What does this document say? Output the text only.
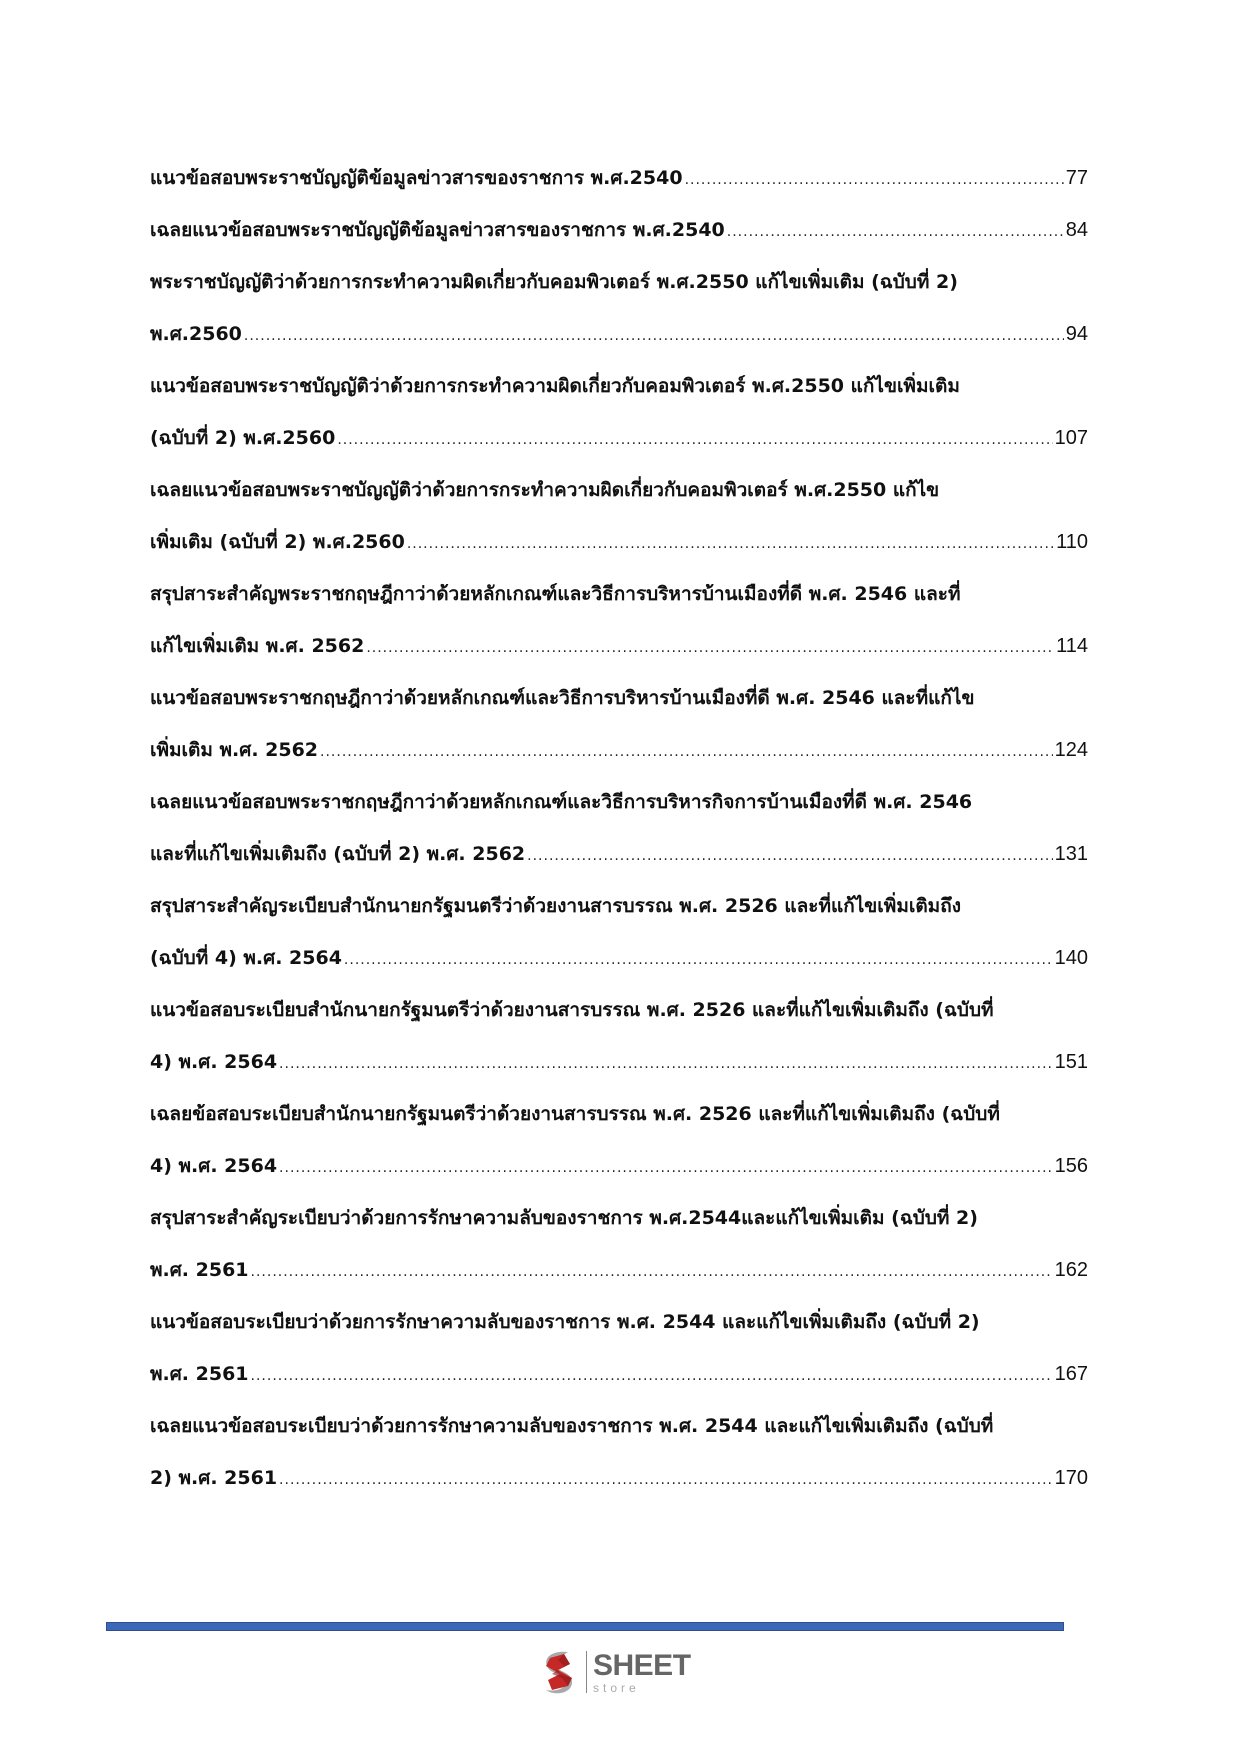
แนวข้อสอบพระราชบัญญัติข้อมูลข่าวสารของราชการ พ.ศ.2540 .....	77
เฉลยแนวข้อสอบพระราชบัญญัติข้อมูลข่าวสารของราชการ พ.ศ.2540 .....	84
พระราชบัญญัติว่าด้วยการกระทำความผิดเกี่ยวกับคอมพิวเตอร์ พ.ศ.2550 แก้ไขเพิ่มเติม (ฉบับที่ 2)
พ.ศ.2560 .....	94
แนวข้อสอบพระราชบัญญัติว่าด้วยการกระทำความผิดเกี่ยวกับคอมพิวเตอร์ พ.ศ.2550 แก้ไขเพิ่มเติม
(ฉบับที่ 2) พ.ศ.2560 .....	107
เฉลยแนวข้อสอบพระราชบัญญัติว่าด้วยการกระทำความผิดเกี่ยวกับคอมพิวเตอร์ พ.ศ.2550 แก้ไข
เพิ่มเติม (ฉบับที่ 2) พ.ศ.2560 .....	110
สรุปสาระสำคัญพระราชกฤษฎีกาว่าด้วยหลักเกณฑ์และวิธีการบริหารบ้านเมืองที่ดี พ.ศ. 2546 และที่
แก้ไขเพิ่มเติม พ.ศ. 2562 .....	114
แนวข้อสอบพระราชกฤษฎีกาว่าด้วยหลักเกณฑ์และวิธีการบริหารบ้านเมืองที่ดี พ.ศ. 2546 และที่แก้ไข
เพิ่มเติม พ.ศ. 2562 .....	124
เฉลยแนวข้อสอบพระราชกฤษฎีกาว่าด้วยหลักเกณฑ์และวิธีการบริหารกิจการบ้านเมืองที่ดี พ.ศ. 2546
และที่แก้ไขเพิ่มเติมถึง (ฉบับที่ 2) พ.ศ. 2562 .....	131
สรุปสาระสำคัญระเบียบสำนักนายกรัฐมนตรีว่าด้วยงานสารบรรณ พ.ศ. 2526 และที่แก้ไขเพิ่มเติมถึง
(ฉบับที่ 4) พ.ศ. 2564 .....	140
แนวข้อสอบระเบียบสำนักนายกรัฐมนตรีว่าด้วยงานสารบรรณ พ.ศ. 2526 และที่แก้ไขเพิ่มเติมถึง (ฉบับที่
4) พ.ศ. 2564 .....	151
เฉลยข้อสอบระเบียบสำนักนายกรัฐมนตรีว่าด้วยงานสารบรรณ พ.ศ. 2526 และที่แก้ไขเพิ่มเติมถึง (ฉบับที่
4) พ.ศ. 2564 .....	156
สรุปสาระสำคัญระเบียบว่าด้วยการรักษาความลับของราชการ พ.ศ.2544และแก้ไขเพิ่มเติม (ฉบับที่ 2)
พ.ศ. 2561 .....	162
แนวข้อสอบระเบียบว่าด้วยการรักษาความลับของราชการ พ.ศ. 2544 และแก้ไขเพิ่มเติมถึง (ฉบับที่ 2)
พ.ศ. 2561 .....	167
เฉลยแนวข้อสอบระเบียบว่าด้วยการรักษาความลับของราชการ พ.ศ. 2544 และแก้ไขเพิ่มเติมถึง (ฉบับที่
2) พ.ศ. 2561 .....	170
SHEET
store
